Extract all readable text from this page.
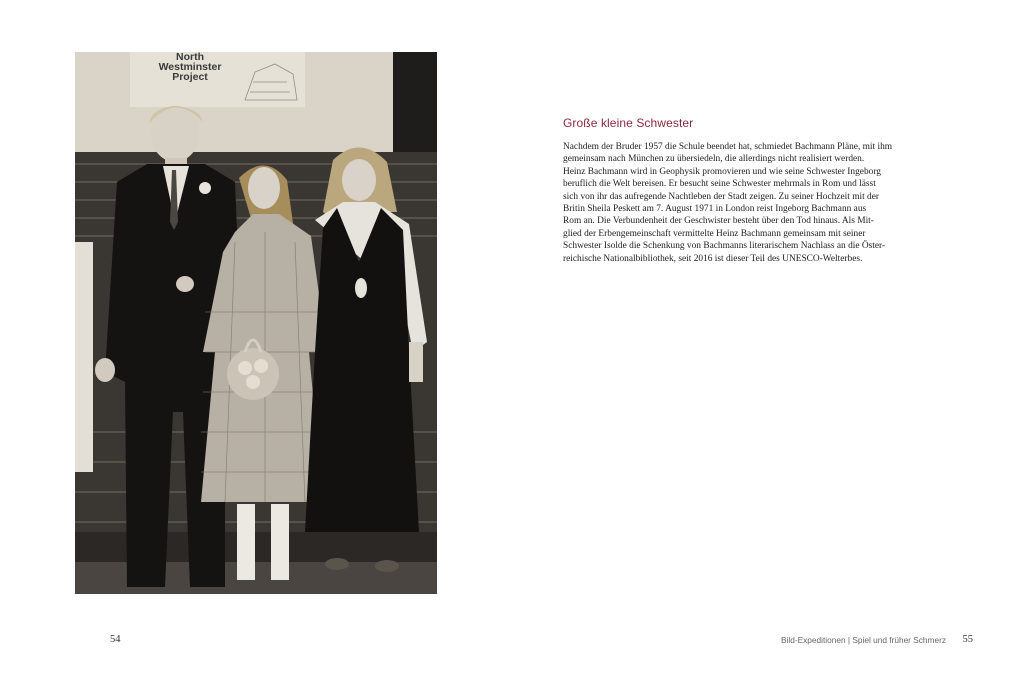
North
Westminster
Project
54
Große kleine Schwester
Nachdem der Bruder 1957 die Schule beendet hat, schmiedet Bachmann Pläne, mit ihm
gemeinsam nach München zu übersiedeln, die allerdings nicht realisiert werden.
Heinz Bachmann wird in Geophysik promovieren und wie seine Schwester Ingeborg
beruflich die Welt bereisen. Er besucht seine Schwester mehrmals in Rom und lässt
sich von ihr das aufregende Nachtleben der Stadt zeigen. Zu seiner Hochzeit mit der
Britin Sheila Peskett am 7. August 1971 in London reist Ingeborg Bachmann aus
Rom an. Die Verbundenheit der Geschwister besteht über den Tod hinaus. Als Mit-
glied der Erbengemeinschaft vermittelte Heinz Bachmann gemeinsam mit seiner
Schwester Isolde die Schenkung von Bachmanns literarischem Nachlass an die Öster-
reichische Nationalbibliothek, seit 2016 ist dieser Teil des UNESCO-Welterbes.
Bild-Expeditionen | Spiel und früher Schmerz 55
